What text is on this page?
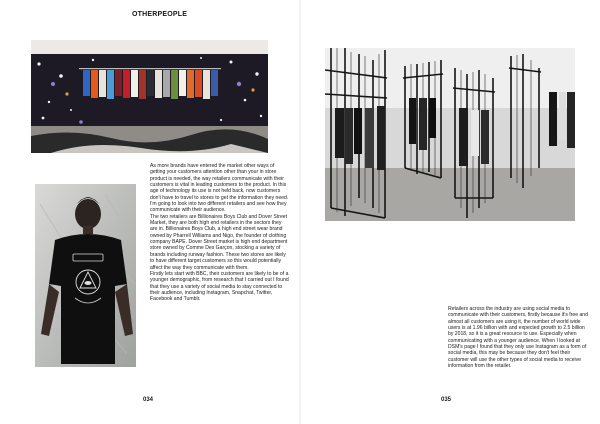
OTHERPEOPLE

As more brands have entered the market other ways of getting your customers attention other than your in store product is needed, the way retailers communicate with their customers is vital in leading customers to the product. In this age of technology its use is not held back, now customers don't have to travel to stores to get the information they need. I'm going to look into two different retailers and see how they communicate with their audience.

The two retailers are Billionaires Boys Club and Dover Street Market, they are both high end retailers in the sectors they are in. Billionaires Boys Club, a high end street wear brand owned by Pharrell Williams and Nigo, the founder of clothing company BAPE. Dover Street market is high end department store owned by Comme Des Garçon, stocking a variety of brands including runway fashion. These two stores are likely to have different target customers so this would potentially affect the way they communicate with them.

Firstly lets start with BBC, their customers are likely to be of a younger demographic, from research that I carried out I found that they use a variety of social media to stay connected to their audience, including Instagram, Snapchat, Twitter, Facebook and Tumblr.

Retailers across the industry are using social media to communicate with their customers, firstly because it's free and almost all customers are using it, the number of world wide users is at 1.96 billion with and expected growth to 2.5 billion by 2018, so it is a great resource to use. Especially when communicating with a younger audience. When I looked at DSM's page I found that they only use Instagram as a form of social media, this may be because they don't feel their customer will use the other types of social media to receive information from the retailer.

034	035
